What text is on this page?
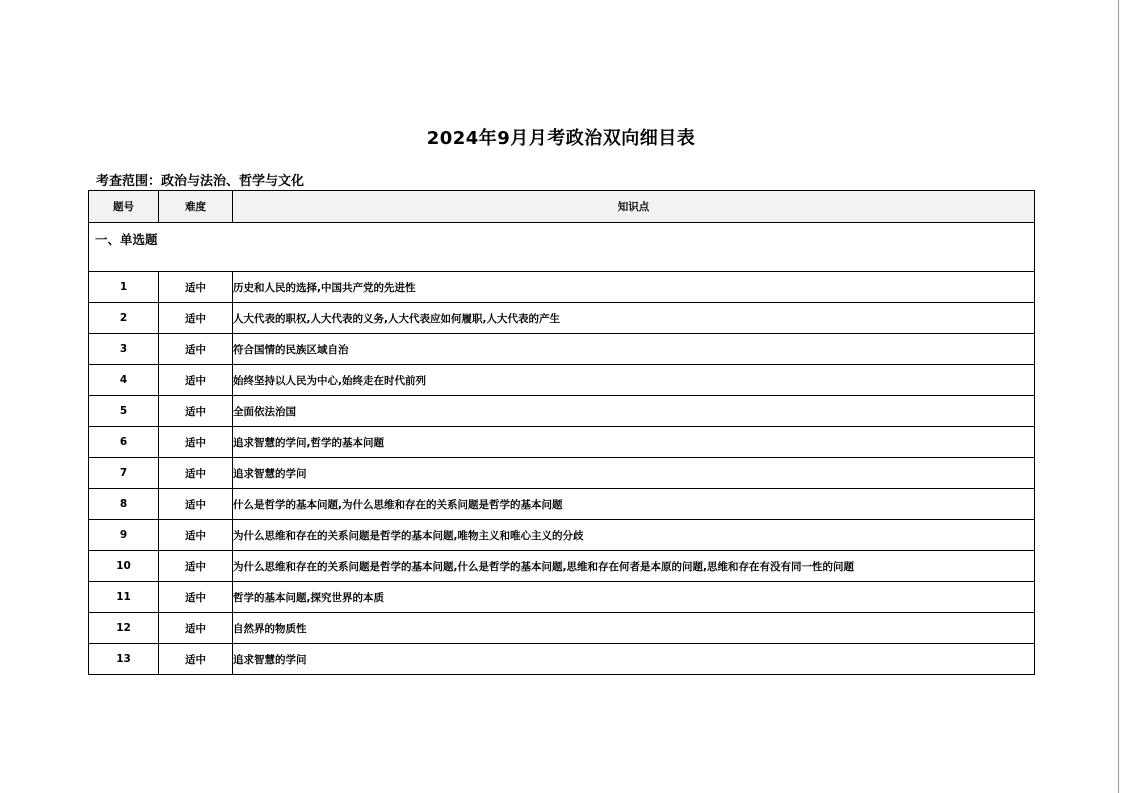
2024年9月月考政治双向细目表
考查范围：政治与法治、哲学与文化
题号	难度	知识点
一、单选题		
1	适中	历史和人民的选择,中国共产党的先进性
2	适中	人大代表的职权,人大代表的义务,人大代表应如何履职,人大代表的产生
3	适中	符合国情的民族区域自治
4	适中	始终坚持以人民为中心,始终走在时代前列
5	适中	全面依法治国
6	适中	追求智慧的学问,哲学的基本问题
7	适中	追求智慧的学问
8	适中	什么是哲学的基本问题,为什么思维和存在的关系问题是哲学的基本问题
9	适中	为什么思维和存在的关系问题是哲学的基本问题,唯物主义和唯心主义的分歧
10	适中	为什么思维和存在的关系问题是哲学的基本问题,什么是哲学的基本问题,思维和存在何者是本原的问题,思维和存在有没有同一性的问题
11	适中	哲学的基本问题,探究世界的本质
12	适中	自然界的物质性
13	适中	追求智慧的学问
